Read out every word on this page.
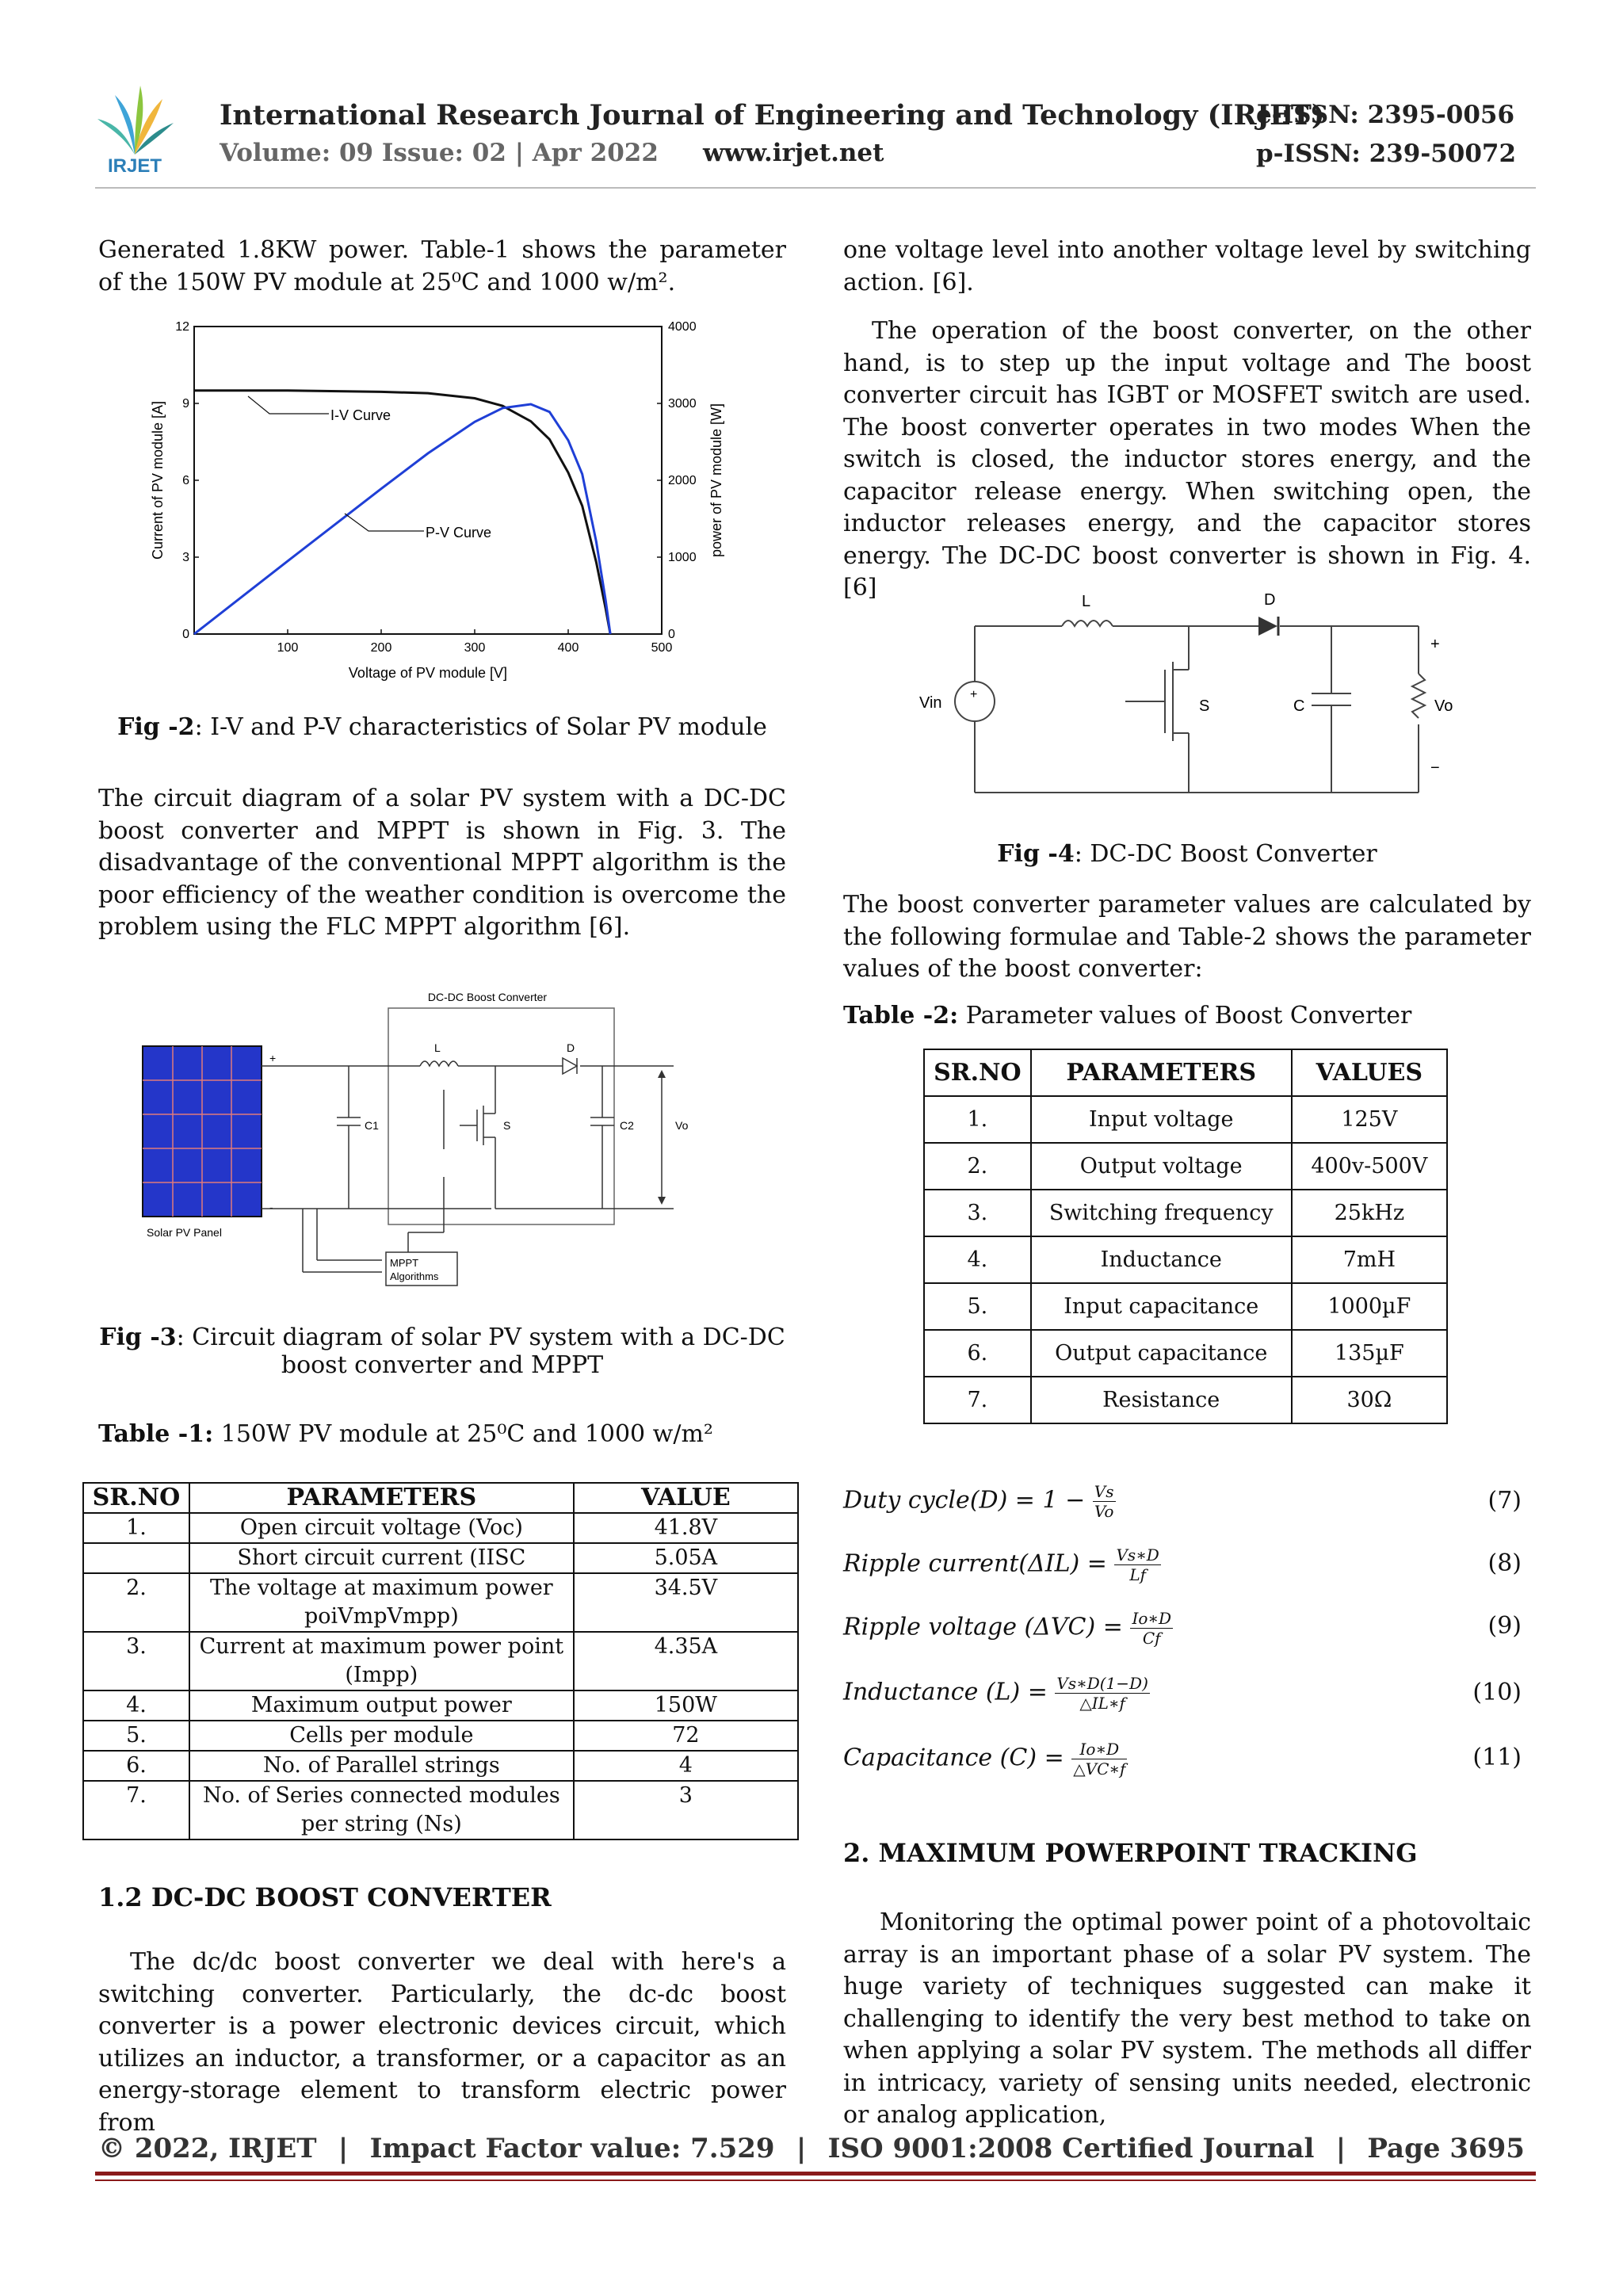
IRJET
International Research Journal of Engineering and Technology (IRJET)
Volume: 09 Issue: 02 | Apr 2022 www.irjet.net
e-ISSN: 2395-0056
p-ISSN: 239-50072

Generated 1.8KW power. Table-1 shows the parameter of the 150W PV module at 25⁰C and 1000 w/m².

100	200	300	400	500
0
3
6
9
12
0
1000
2000
3000
4000
I-V Curve
P-V Curve
Voltage of PV module [V]
Current of PV module [A]	power of PV module [W]
Fig -2: I-V and P-V characteristics of Solar PV module

The circuit diagram of a solar PV system with a DC-DC boost converter and MPPT is shown in Fig. 3. The disadvantage of the conventional MPPT algorithm is the poor efficiency of the weather condition is overcome the problem using the FLC MPPT algorithm [6].

DC-DC Boost Converter
Solar PV Panel
+
-
MPPT
Algorithms
L	D
S
C1	C2	Vo
Fig -3: Circuit diagram of solar PV system with a DC-DC boost converter and MPPT
Table -1: 150W PV module at 25⁰C and 1000 w/m²
SR.NO	PARAMETERS	VALUE
1.	Open circuit voltage (Voc)	41.8V
	Short circuit current (IISC	5.05A
2.	The voltage at maximum power poiVmpVmpp)	34.5V
3.	Current at maximum power point (Impp)	4.35A
4.	Maximum output power	150W
5.	Cells per module	72
6.	No. of Parallel strings	4
7.	No. of Series connected modules per string (Ns)	3
1.2 DC-DC BOOST CONVERTER

The dc/dc boost converter we deal with here's a switching converter. Particularly, the dc-dc boost converter is a power electronic devices circuit, which utilizes an inductor, a transformer, or a capacitor as an energy-storage element to transform electric power from

one voltage level into another voltage level by switching action. [6].

The operation of the boost converter, on the other hand, is to step up the input voltage and The boost converter circuit has IGBT or MOSFET switch are used. The boost converter operates in two modes When the switch is closed, the inductor stores energy, and the capacitor release energy. When switching open, the inductor releases energy, and the capacitor stores energy. The DC-DC boost converter is shown in Fig. 4. [6]	L	D
S	C
Vin	Vo
+
−
+
Fig -4: DC-DC Boost Converter

The boost converter parameter values are calculated by the following formulae and Table-2 shows the parameter values of the boost converter:

Table -2: Parameter values of Boost Converter
SR.NO	PARAMETERS	VALUES
1.	Input voltage	125V
2.	Output voltage	400v-500V
3.	Switching frequency	25kHz
4.	Inductance	7mH
5.	Input capacitance	1000µF
6.	Output capacitance	135µF
7.	Resistance	30Ω
Duty cycle(D) = $1 - \frac{Vs}{Vo}$	(7)
Ripple current(ΔIL) = $\frac{Vs∗D}{Lf}$	(8)
Ripple voltage $(\Delta VC) = \frac{Io∗D}{Cf}$	(9)
Inductance $(L) = \frac{Vs∗D(1-D)}{\triangle IL∗f}$	(10)
Capacitance $(C) = \frac{Io∗D}{\triangle VC∗f}$	(11)
2. MAXIMUM POWERPOINT TRACKING

Monitoring the optimal power point of a photovoltaic array is an important phase of a solar PV system. The huge variety of techniques suggested can make it challenging to identify the very best method to take on when applying a solar PV system. The methods all differ in intricacy, variety of sensing units needed, electronic or analog application,

© 2022, IRJET | Impact Factor value: 7.529 | ISO 9001:2008 Certified Journal | Page 3695
